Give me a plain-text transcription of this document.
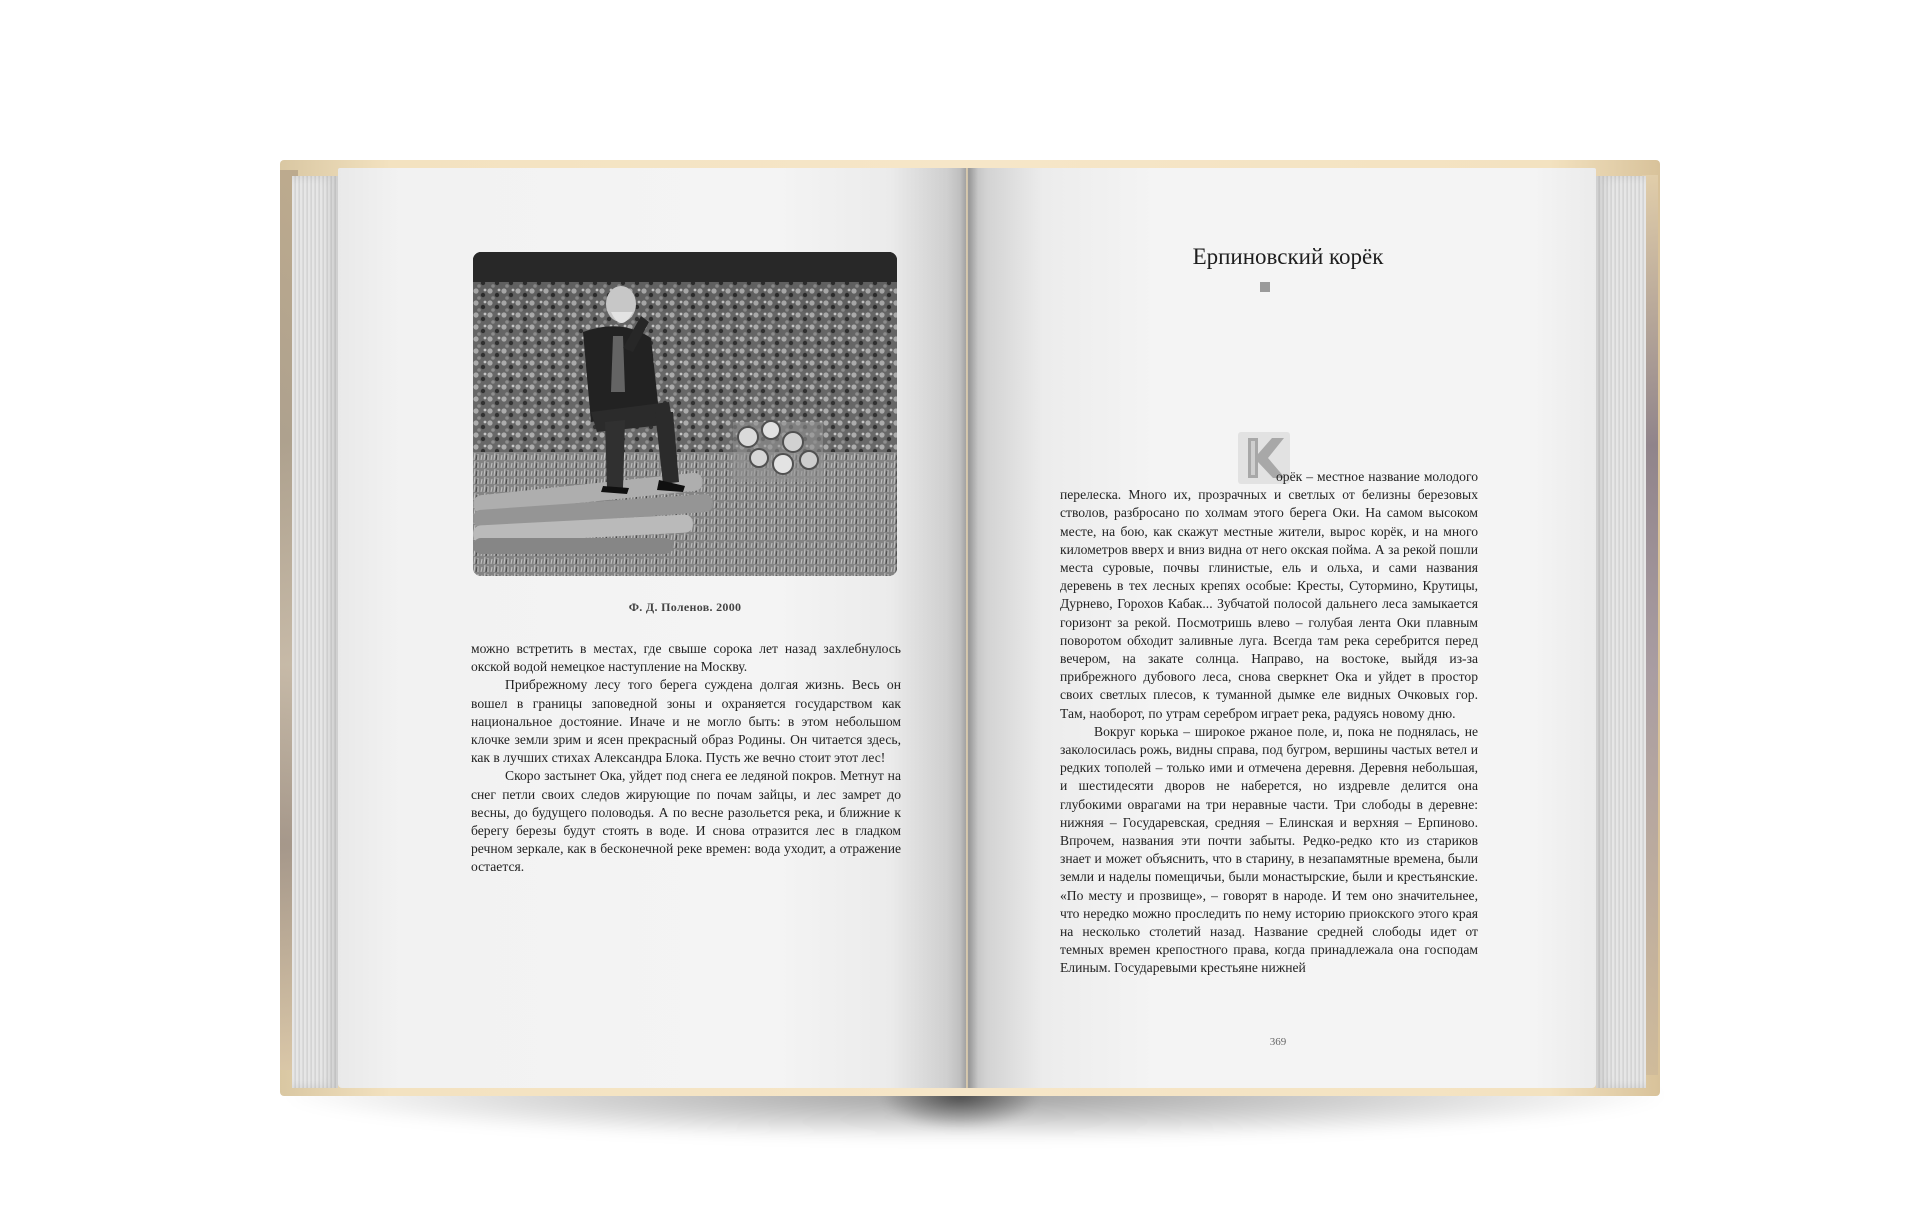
Ф. Д. Поленов. 2000

можно встретить в местах, где свыше сорока лет назад захлебнулось окской водой немецкое наступление на Москву.

Прибрежному лесу того берега суждена долгая жизнь. Весь он вошел в границы заповедной зоны и охраняется государством как национальное достояние. Иначе и не могло быть: в этом небольшом клочке земли зрим и ясен прекрасный образ Родины. Он читается здесь, как в лучших стихах Александра Блока. Пусть же вечно стоит этот лес!

Скоро застынет Ока, уйдет под снега ее ледяной покров. Метнут на снег петли своих следов жирующие по почам зайцы, и лес замрет до весны, до будущего половодья. А по весне разольется река, и ближние к берегу березы будут стоять в воде. И снова отразится лес в гладком речном зеркале, как в бесконечной реке времен: вода уходит, а отражение остается.

Ерпиновский корёк

орёк – местное название молодого перелеска. Много их, прозрачных и светлых от белизны березовых стволов, разбросано по холмам этого берега Оки. На самом высоком месте, на бою, как скажут местные жители, вырос корёк, и на много километров вверх и вниз видна от него окская пойма. А за рекой пошли места суровые, почвы глинистые, ель и ольха, и сами названия деревень в тех лесных крепях особые: Кресты, Сутормино, Крутицы, Дурнево, Горохов Кабак... Зубчатой полосой дальнего леса замыкается горизонт за рекой. Посмотришь влево – голубая лента Оки плавным поворотом обходит заливные луга. Всегда там река серебрится перед вечером, на закате солнца. Направо, на востоке, выйдя из-за прибрежного дубового леса, снова сверкнет Ока и уйдет в простор своих светлых плесов, к туманной дымке еле видных Очковых гор. Там, наоборот, по утрам серебром играет река, радуясь новому дню.

Вокруг корька – широкое ржаное поле, и, пока не поднялась, не заколосилась рожь, видны справа, под бугром, вершины частых ветел и редких тополей – только ими и отмечена деревня. Деревня небольшая, и шестидесяти дворов не наберется, но издревле делится она глубокими оврагами на три неравные части. Три слободы в деревне: нижняя – Государевская, средняя – Елинская и верхняя – Ерпиново. Впрочем, названия эти почти забыты. Редко-редко кто из стариков знает и может объяснить, что в старину, в незапамятные времена, были земли и наделы помещичьи, были монастырские, были и крестьянские. «По месту и прозвище», – говорят в народе. И тем оно значительнее, что нередко можно проследить по нему историю приокского этого края на несколько столетий назад. Название средней слободы идет от темных времен крепостного права, когда принадлежала она господам Елиным. Государевыми крестьяне нижней

369
